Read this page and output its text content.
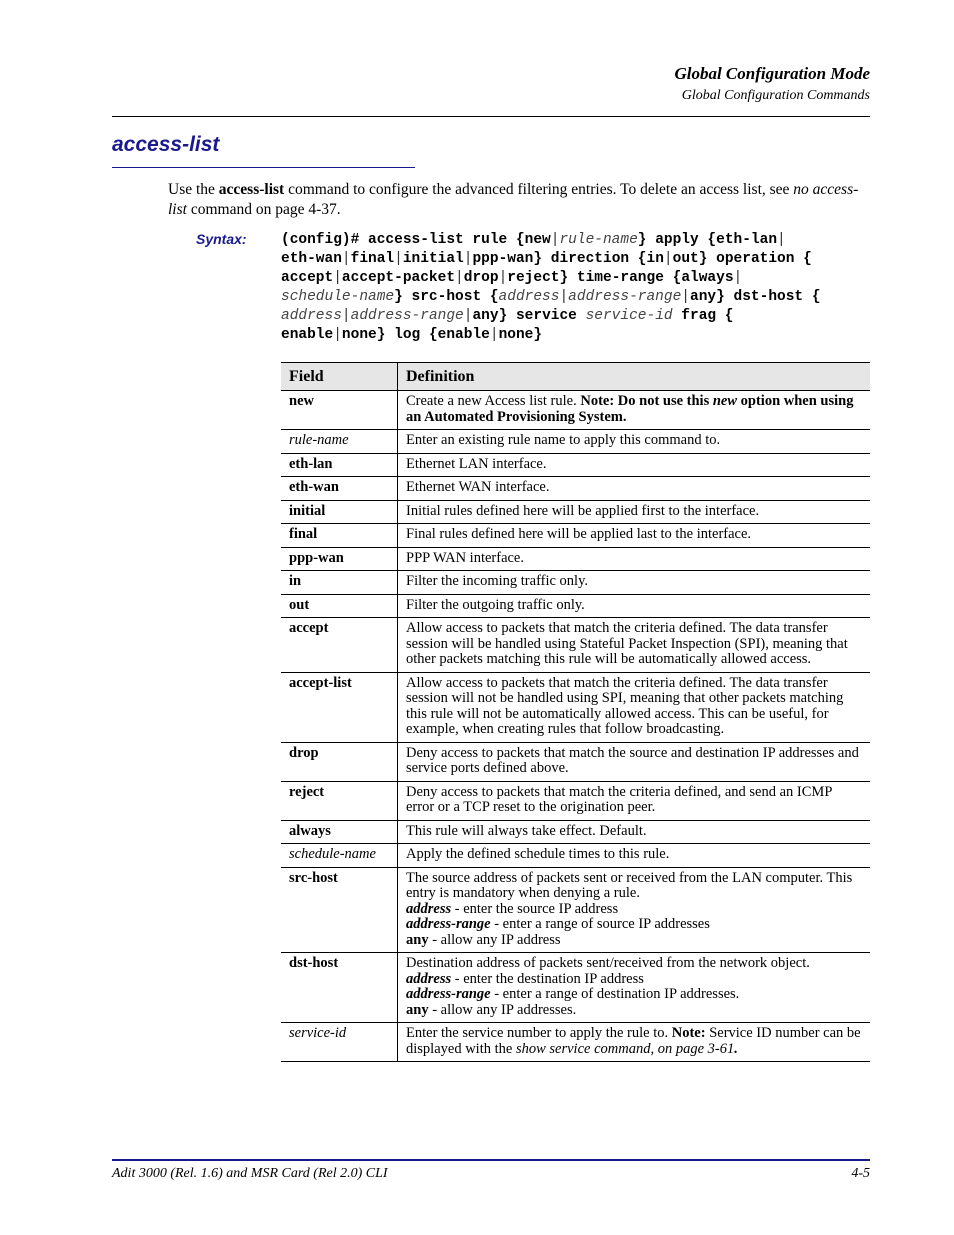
Global Configuration Mode
Global Configuration Commands
access-list
Use the access-list command to configure the advanced filtering entries. To delete an access list, see no access-list command on page 4-37.
Syntax: (config)# access-list rule {new|rule-name} apply {eth-lan|
eth-wan|final|initial|ppp-wan} direction {in|out} operation {
accept|accept-packet|drop|reject} time-range {always|
schedule-name} src-host {address|address-range|any} dst-host {
address|address-range|any} service service-id frag {
enable|none} log {enable|none}
Field	Definition
new	Create a new Access list rule. Note: Do not use this new option when using an Automated Provisioning System.
rule-name	Enter an existing rule name to apply this command to.
eth-lan	Ethernet LAN interface.
eth-wan	Ethernet WAN interface.
initial	Initial rules defined here will be applied first to the interface.
final	Final rules defined here will be applied last to the interface.
ppp-wan	PPP WAN interface.
in	Filter the incoming traffic only.
out	Filter the outgoing traffic only.
accept	Allow access to packets that match the criteria defined. The data transfer session will be handled using Stateful Packet Inspection (SPI), meaning that other packets matching this rule will be automatically allowed access.
accept-list	Allow access to packets that match the criteria defined. The data transfer session will not be handled using SPI, meaning that other packets matching this rule will not be automatically allowed access. This can be useful, for example, when creating rules that follow broadcasting.
drop	Deny access to packets that match the source and destination IP addresses and service ports defined above.
reject	Deny access to packets that match the criteria defined, and send an ICMP error or a TCP reset to the origination peer.
always	This rule will always take effect. Default.
schedule-name	Apply the defined schedule times to this rule.
src-host	The source address of packets sent or received from the LAN computer. This entry is mandatory when denying a rule.
address - enter the source IP address
address-range - enter a range of source IP addresses
any - allow any IP address
dst-host	Destination address of packets sent/received from the network object.
address - enter the destination IP address
address-range - enter a range of destination IP addresses.
any - allow any IP addresses.
service-id	Enter the service number to apply the rule to. Note: Service ID number can be displayed with the show service command, on page 3-61.
Adit 3000 (Rel. 1.6) and MSR Card (Rel 2.0) CLI	4-5
